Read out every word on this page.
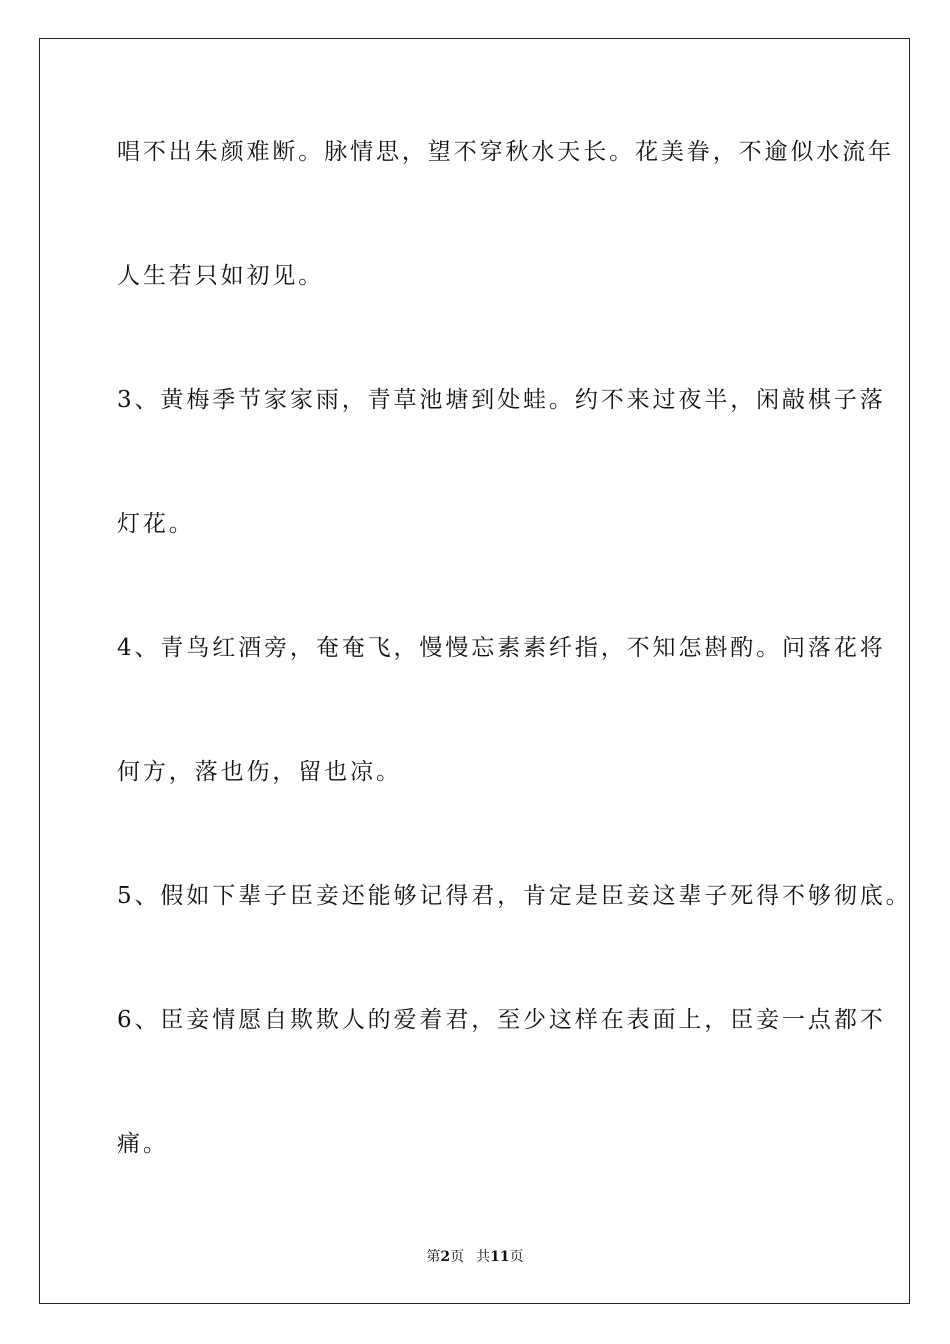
唱不出朱颜难断。脉情思，望不穿秋水天长。花美眷，不逾似水流年
人生若只如初见。
3、黄梅季节家家雨，青草池塘到处蛙。约不来过夜半，闲敲棋子落
灯花。
4、青鸟红酒旁，奄奄飞，慢慢忘素素纤指，不知怎斟酌。问落花将
何方，落也伤，留也凉。
5、假如下辈子臣妾还能够记得君，肯定是臣妾这辈子死得不够彻底。
6、臣妾情愿自欺欺人的爱着君，至少这样在表面上，臣妾一点都不
痛。
第2页 共11页
